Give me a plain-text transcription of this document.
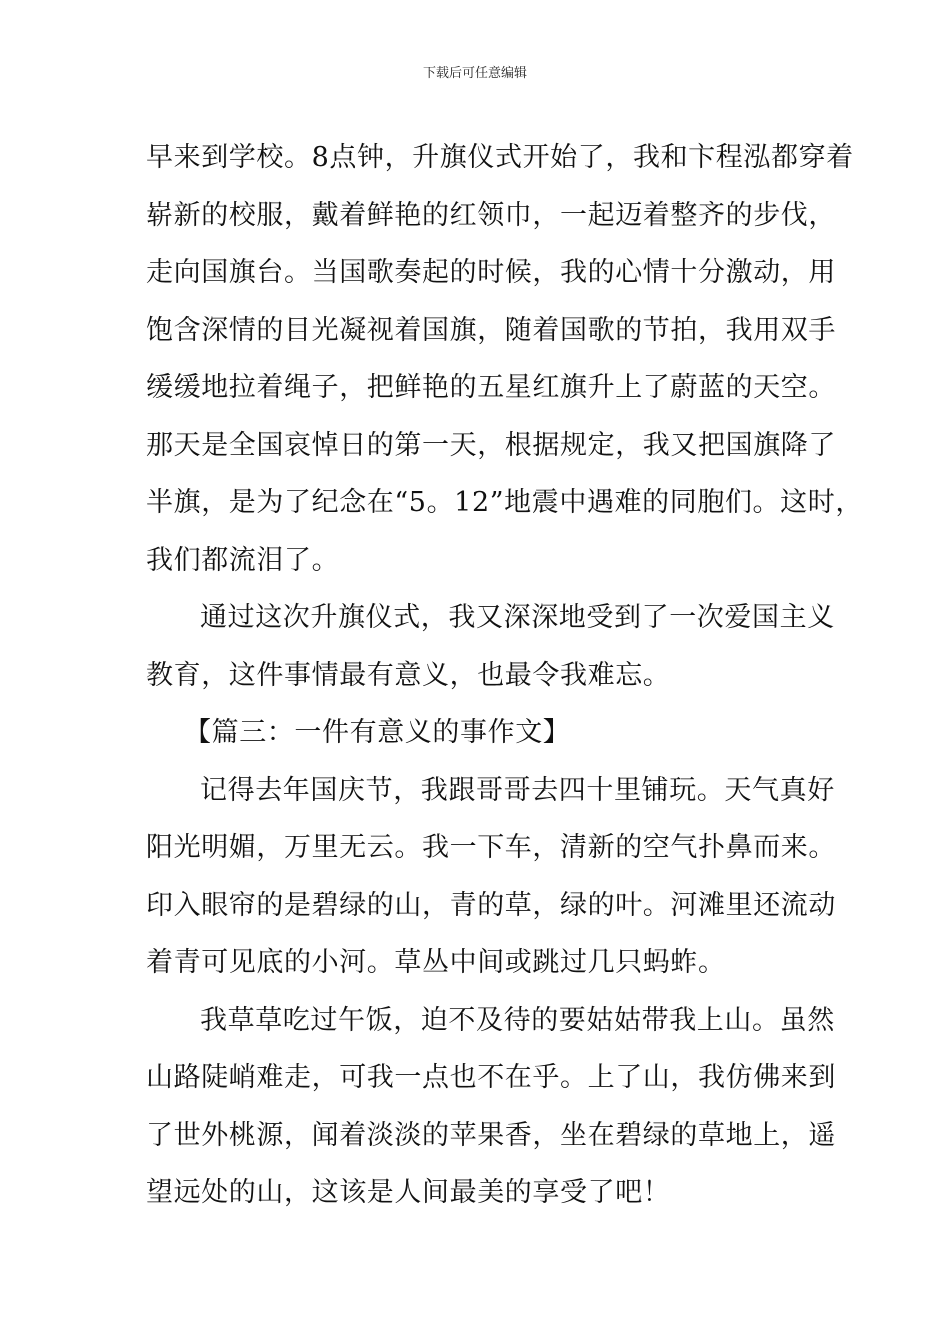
下载后可任意编辑
早来到学校。8点钟，升旗仪式开始了，我和卞程泓都穿着
崭新的校服，戴着鲜艳的红领巾，一起迈着整齐的步伐，
走向国旗台。当国歌奏起的时候，我的心情十分激动，用
饱含深情的目光凝视着国旗，随着国歌的节拍，我用双手
缓缓地拉着绳子，把鲜艳的五星红旗升上了蔚蓝的天空。
那天是全国哀悼日的第一天，根据规定，我又把国旗降了
半旗，是为了纪念在“5。12”地震中遇难的同胞们。这时，
我们都流泪了。
通过这次升旗仪式，我又深深地受到了一次爱国主义
教育，这件事情最有意义，也最令我难忘。
【篇三：一件有意义的事作文】
记得去年国庆节，我跟哥哥去四十里铺玩。天气真好
阳光明媚，万里无云。我一下车，清新的空气扑鼻而来。
印入眼帘的是碧绿的山，青的草，绿的叶。河滩里还流动
着青可见底的小河。草丛中间或跳过几只蚂蚱。
我草草吃过午饭，迫不及待的要姑姑带我上山。虽然
山路陡峭难走，可我一点也不在乎。上了山，我仿佛来到
了世外桃源，闻着淡淡的苹果香，坐在碧绿的草地上，遥
望远处的山，这该是人间最美的享受了吧！
